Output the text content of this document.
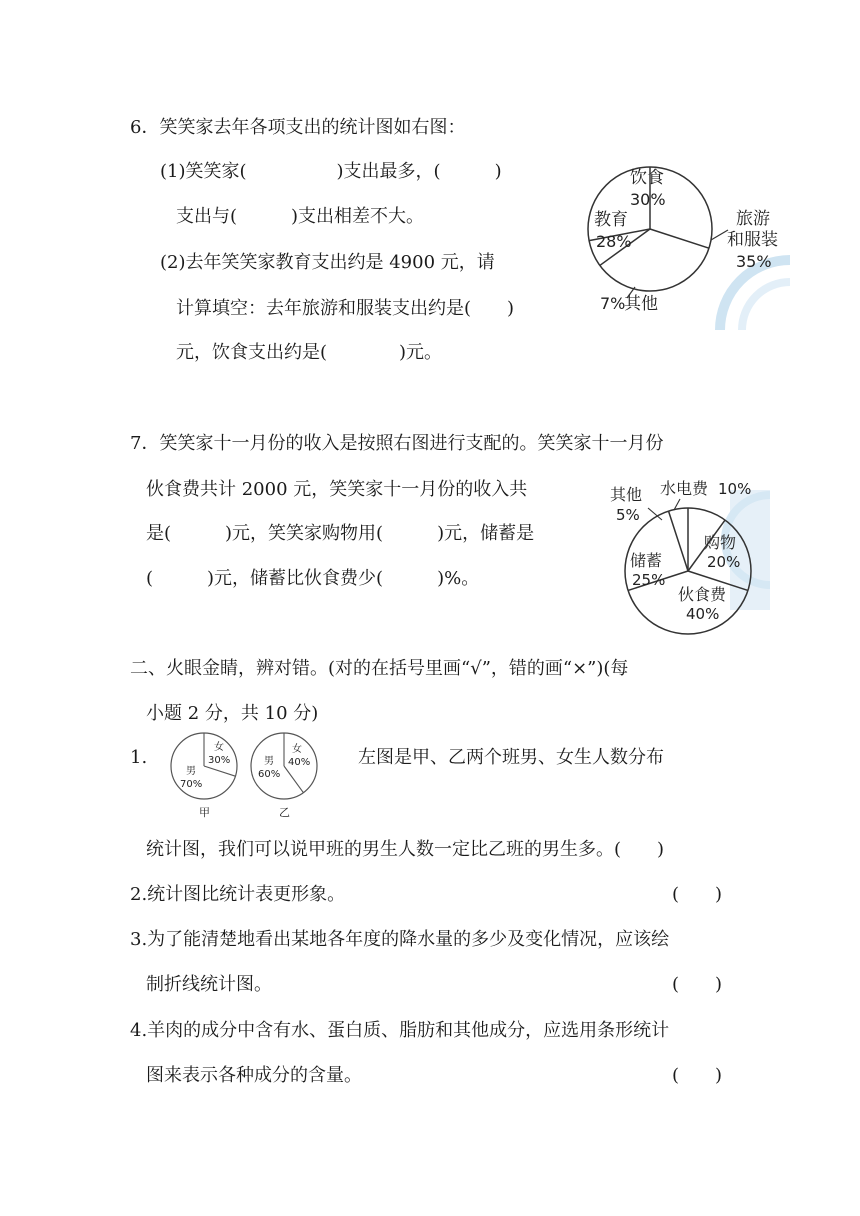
6．笑笑家去年各项支出的统计图如右图：
(1)笑笑家(　　　　　)支出最多，(　　　)
支出与(　　　)支出相差不大。
(2)去年笑笑家教育支出约是 4900 元，请
计算填空：去年旅游和服装支出约是(　　)
元，饮食支出约是(　　　　)元。
饮食
30%
教育
28%
旅游
和服装
35%
7%
其他
7．笑笑家十一月份的收入是按照右图进行支配的。笑笑家十一月份
伙食费共计 2000 元，笑笑家十一月份的收入共
是(　　　)元，笑笑家购物用(　　　)元，储蓄是
(　　　)元，储蓄比伙食费少(　　　)%。
其他
5%
水电费 10%
购物
20%
储蓄
25%
伙食费
40%
二、火眼金睛，辨对错。(对的在括号里画“√”，错的画“×”)(每
小题 2 分，共 10 分)
1.	女
30%
男
70%
甲
女
40%
男
60%
乙
左图是甲、乙两个班男、女生人数分布
统计图，我们可以说甲班的男生人数一定比乙班的男生多。(　　)
2.统计图比统计表更形象。	(　　)
3.为了能清楚地看出某地各年度的降水量的多少及变化情况，应该绘
制折线统计图。	(　　)
4.羊肉的成分中含有水、蛋白质、脂肪和其他成分，应选用条形统计
图来表示各种成分的含量。	(　　)
